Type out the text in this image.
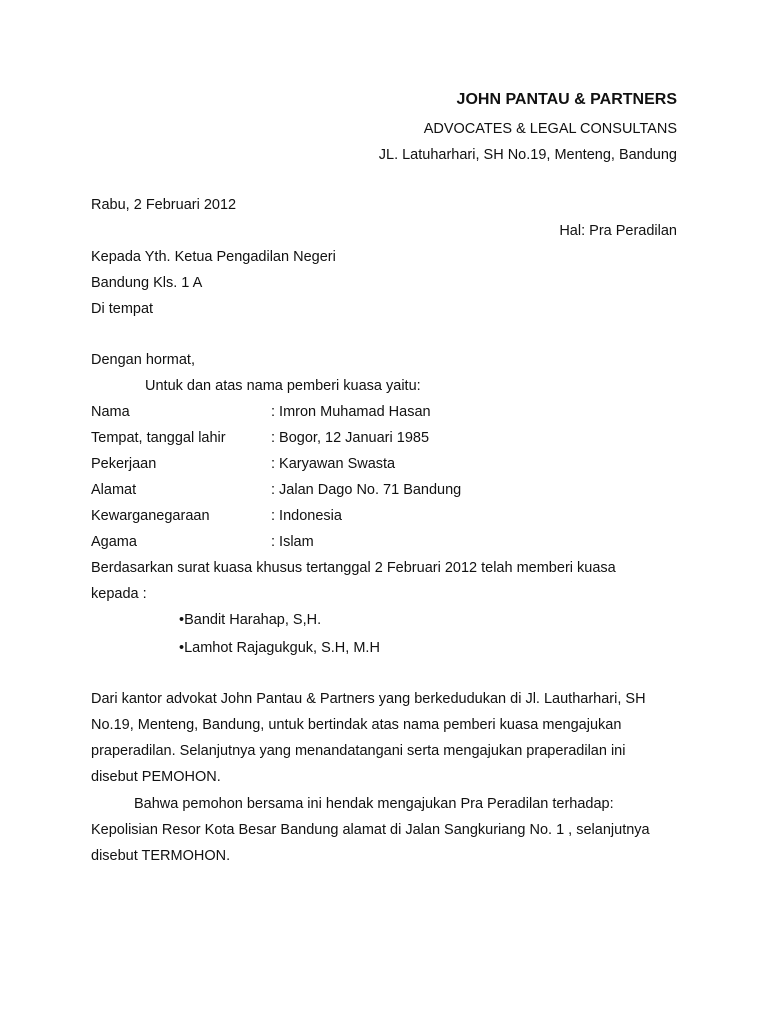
JOHN PANTAU & PARTNERS
ADVOCATES & LEGAL CONSULTANS
JL. Latuharhari, SH No.19, Menteng, Bandung
Rabu, 2 Februari 2012
Hal: Pra Peradilan
Kepada Yth. Ketua Pengadilan Negeri
Bandung Kls. 1 A
Di tempat
Dengan hormat,
Untuk dan atas nama pemberi kuasa yaitu:
Nama	: Imron Muhamad Hasan
Tempat, tanggal lahir	: Bogor, 12 Januari 1985
Pekerjaan	: Karyawan Swasta
Alamat	: Jalan Dago No. 71 Bandung
Kewarganegaraan	: Indonesia
Agama	: Islam
Berdasarkan surat kuasa khusus tertanggal 2 Februari 2012 telah memberi kuasa
kepada :
•Bandit Harahap, S,H.
•Lamhot Rajagukguk, S.H, M.H
Dari kantor advokat John Pantau & Partners yang berkedudukan di Jl. Lautharhari, SH
No.19, Menteng, Bandung, untuk bertindak atas nama pemberi kuasa mengajukan
praperadilan. Selanjutnya yang menandatangani serta mengajukan praperadilan ini
disebut PEMOHON.
Bahwa pemohon bersama ini hendak mengajukan Pra Peradilan terhadap:
Kepolisian Resor Kota Besar Bandung alamat di Jalan Sangkuriang No. 1 , selanjutnya
disebut TERMOHON.
